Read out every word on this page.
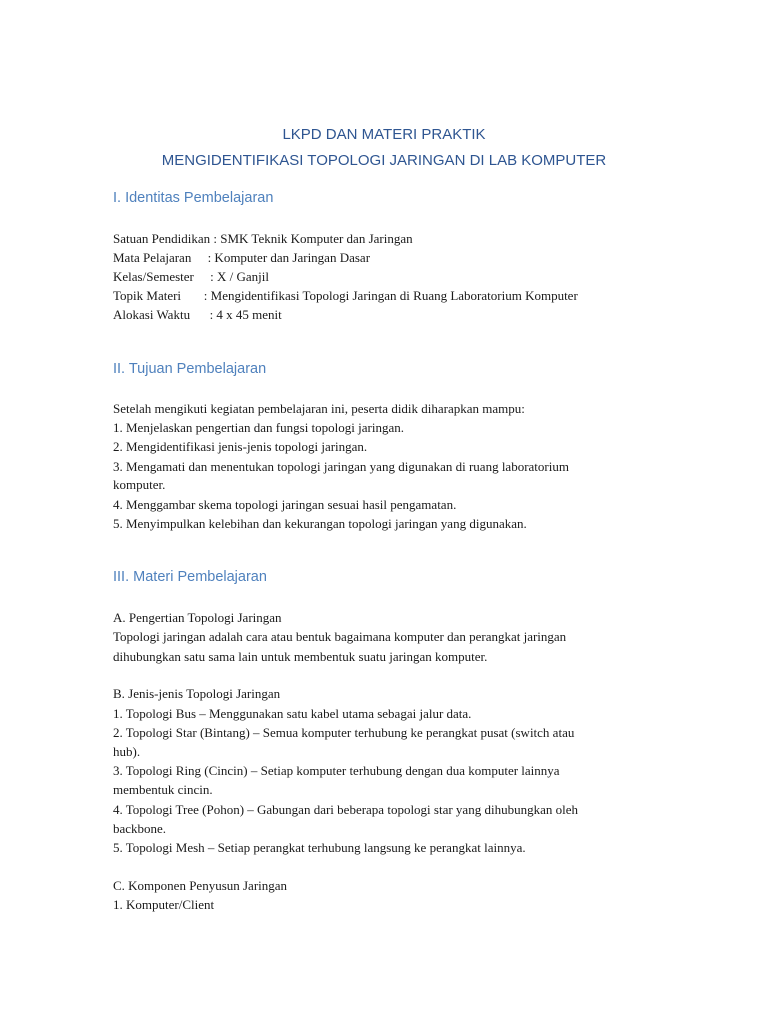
LKPD DAN MATERI PRAKTIK
MENGIDENTIFIKASI TOPOLOGI JARINGAN DI LAB KOMPUTER
I. Identitas Pembelajaran
Satuan Pendidikan : SMK Teknik Komputer dan Jaringan
Mata Pelajaran     : Komputer dan Jaringan Dasar
Kelas/Semester     : X / Ganjil
Topik Materi       : Mengidentifikasi Topologi Jaringan di Ruang Laboratorium Komputer
Alokasi Waktu      : 4 x 45 menit
II. Tujuan Pembelajaran
Setelah mengikuti kegiatan pembelajaran ini, peserta didik diharapkan mampu:
1. Menjelaskan pengertian dan fungsi topologi jaringan.
2. Mengidentifikasi jenis-jenis topologi jaringan.
3. Mengamati dan menentukan topologi jaringan yang digunakan di ruang laboratorium
komputer.
4. Menggambar skema topologi jaringan sesuai hasil pengamatan.
5. Menyimpulkan kelebihan dan kekurangan topologi jaringan yang digunakan.
III. Materi Pembelajaran
A. Pengertian Topologi Jaringan
Topologi jaringan adalah cara atau bentuk bagaimana komputer dan perangkat jaringan
dihubungkan satu sama lain untuk membentuk suatu jaringan komputer.
B. Jenis-jenis Topologi Jaringan
1. Topologi Bus – Menggunakan satu kabel utama sebagai jalur data.
2. Topologi Star (Bintang) – Semua komputer terhubung ke perangkat pusat (switch atau
hub).
3. Topologi Ring (Cincin) – Setiap komputer terhubung dengan dua komputer lainnya
membentuk cincin.
4. Topologi Tree (Pohon) – Gabungan dari beberapa topologi star yang dihubungkan oleh
backbone.
5. Topologi Mesh – Setiap perangkat terhubung langsung ke perangkat lainnya.
C. Komponen Penyusun Jaringan
1. Komputer/Client
